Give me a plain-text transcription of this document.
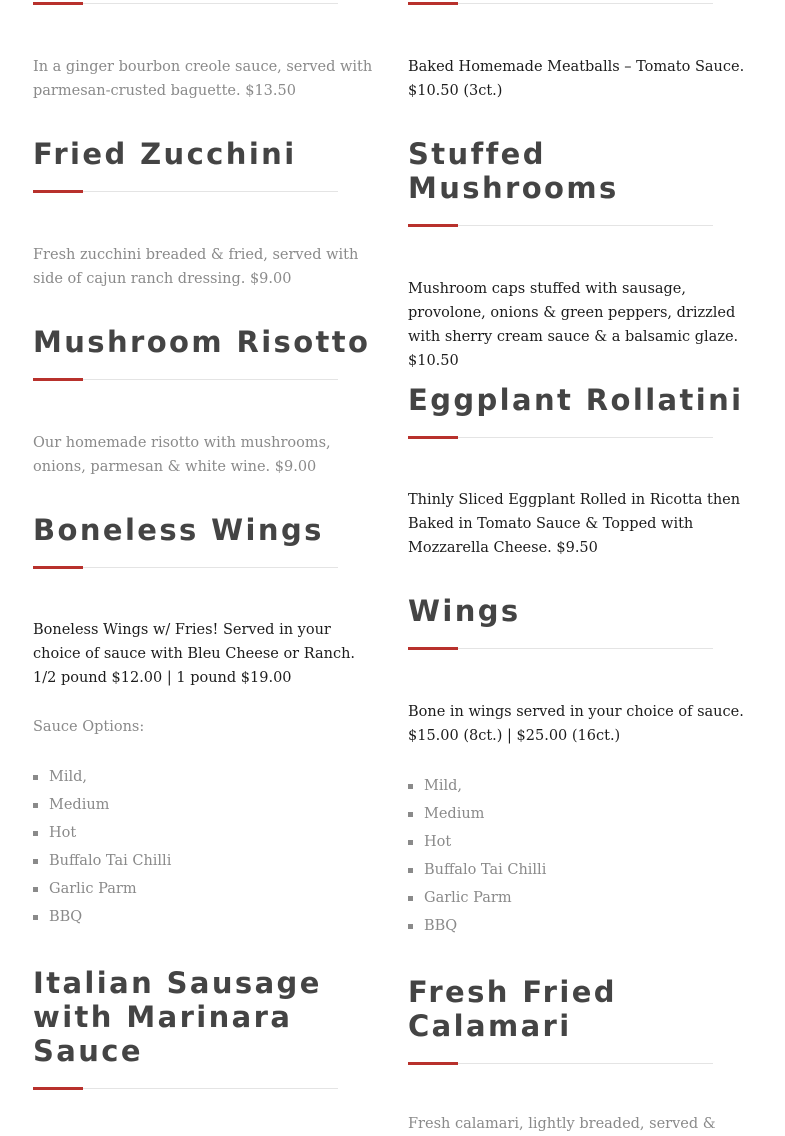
In a ginger bourbon creole sauce, served with parmesan-crusted baguette. $13.50

Fried Zucchini

Fresh zucchini breaded & fried, served with side of cajun ranch dressing. $9.00

Mushroom Risotto

Our homemade risotto with mushrooms, onions, parmesan & white wine. $9.00

Boneless Wings

Boneless Wings w/ Fries! Served in your choice of sauce with Bleu Cheese or Ranch. 1/2 pound $12.00 | 1 pound $19.00

Sauce Options:

Mild,
Medium
Hot
Buffalo Tai Chilli
Garlic Parm
BBQ
Italian Sausage with Marinara Sauce

Baked Homemade Meatballs – Tomato Sauce. $10.50 (3ct.)

Stuffed Mushrooms

Mushroom caps stuffed with sausage, provolone, onions & green peppers, drizzled with sherry cream sauce & a balsamic glaze. $10.50

Eggplant Rollatini

Thinly Sliced Eggplant Rolled in Ricotta then Baked in Tomato Sauce & Topped with Mozzarella Cheese. $9.50

Wings

Bone in wings served in your choice of sauce. $15.00 (8ct.) | $25.00 (16ct.)

Mild,
Medium
Hot
Buffalo Tai Chilli
Garlic Parm
BBQ
Fresh Fried Calamari

Fresh calamari, lightly breaded, served &
